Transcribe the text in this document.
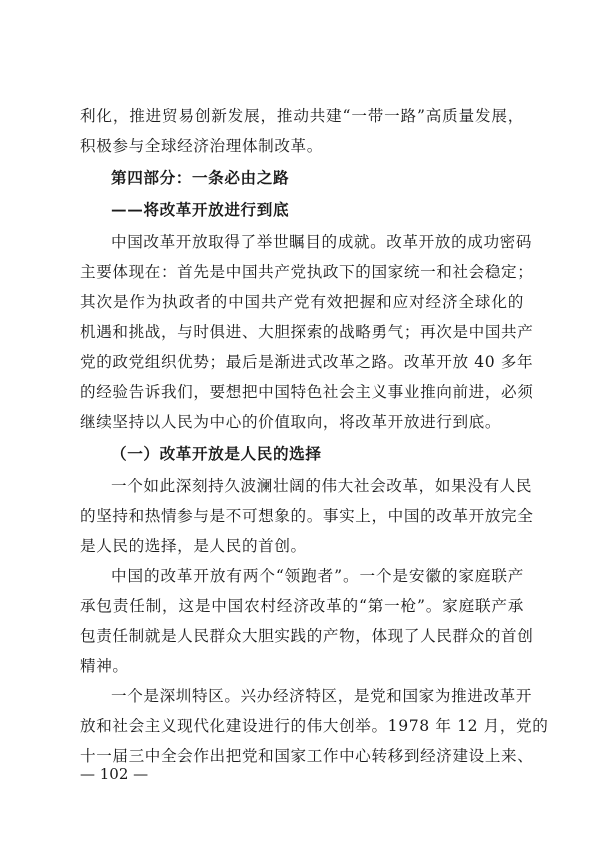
利化，推进贸易创新发展，推动共建“一带一路”高质量发展，
积极参与全球经济治理体制改革。
第四部分：一条必由之路
——将改革开放进行到底
中国改革开放取得了举世瞩目的成就。改革开放的成功密码
主要体现在：首先是中国共产党执政下的国家统一和社会稳定；
其次是作为执政者的中国共产党有效把握和应对经济全球化的
机遇和挑战，与时俱进、大胆探索的战略勇气；再次是中国共产
党的政党组织优势；最后是渐进式改革之路。改革开放 40 多年
的经验告诉我们，要想把中国特色社会主义事业推向前进，必须
继续坚持以人民为中心的价值取向，将改革开放进行到底。
（一）改革开放是人民的选择
一个如此深刻持久波澜壮阔的伟大社会改革，如果没有人民
的坚持和热情参与是不可想象的。事实上，中国的改革开放完全
是人民的选择，是人民的首创。
中国的改革开放有两个“领跑者”。一个是安徽的家庭联产
承包责任制，这是中国农村经济改革的“第一枪”。家庭联产承
包责任制就是人民群众大胆实践的产物，体现了人民群众的首创
精神。
一个是深圳特区。兴办经济特区，是党和国家为推进改革开
放和社会主义现代化建设进行的伟大创举。1978 年 12 月，党的
十一届三中全会作出把党和国家工作中心转移到经济建设上来、
— 102 —
